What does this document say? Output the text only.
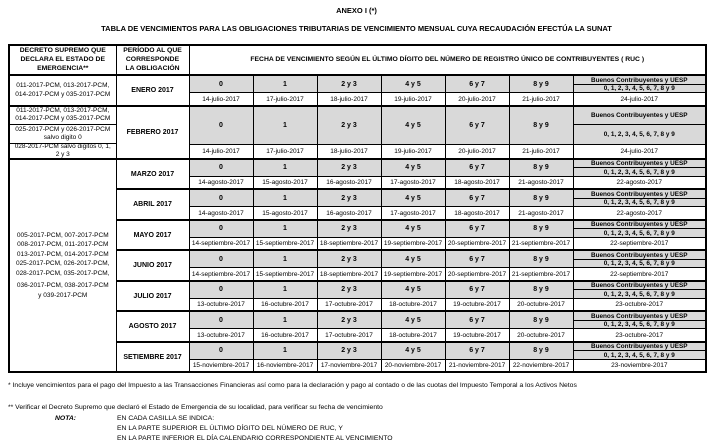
ANEXO I (*)
TABLA DE VENCIMIENTOS PARA LAS OBLIGACIONES TRIBUTARIAS DE VENCIMIENTO MENSUAL CUYA RECAUDACIÓN EFECTÚA LA SUNAT
DECRETO SUPREMO QUE DECLARA EL ESTADO DE EMERGENCIA**	PERÍODO AL QUE CORRESPONDE LA OBLIGACIÓN	FECHA DE VENCIMIENTO SEGÚN EL ÚLTIMO DÍGITO DEL NÚMERO DE REGISTRO ÚNICO DE CONTRIBUYENTES ( RUC )						
011-2017-PCM, 013-2017-PCM, 014-2017-PCM y 035-2017-PCM	ENERO 2017	0	1	2 y 3	4 y 5	6 y 7	8 y 9	Buenos Contribuyentes y UESP
0, 1, 2, 3, 4, 5, 6, 7, 8 y 9

		14-julio-2017	17-julio-2017	18-julio-2017	19-julio-2017	20-julio-2017	21-julio-2017	24-julio-2017

011-2017-PCM, 013-2017-PCM, 014-2017-PCM y 035-2017-PCM
025-2017-PCM y 026-2017-PCM salvo digito 0
028-2017-PCM salvo digitos 0, 1, 2 y 3
	FEBRERO 2017	0	1	2 y 3	4 y 5	6 y 7	8 y 9	
Buenos Contribuyentes y UESP
0, 1, 2, 3, 4, 5, 6, 7, 8 y 9

		14-julio-2017	17-julio-2017	18-julio-2017	19-julio-2017	20-julio-2017	21-julio-2017	24-julio-2017

005-2017-PCM, 007-2017-PCM
008-2017-PCM, 011-2017-PCM
013-2017-PCM, 014-2017-PCM
025-2017-PCM, 026-2017-PCM,
028-2017-PCM, 035-2017-PCM,
036-2017-PCM, 038-2017-PCM
y 039-2017-PCM
	MARZO 2017	0	1	2 y 3	4 y 5	6 y 7	8 y 9	
Buenos Contribuyentes y UESP
0, 1, 2, 3, 4, 5, 6, 7, 8 y 9

		14-agosto-2017	15-agosto-2017	16-agosto-2017	17-agosto-2017	18-agosto-2017	21-agosto-2017	22-agosto-2017
	ABRIL 2017	0	1	2 y 3	4 y 5	6 y 7	8 y 9	Buenos Contribuyentes y UESP
0, 1, 2, 3, 4, 5, 6, 7, 8 y 9

		14-agosto-2017	15-agosto-2017	16-agosto-2017	17-agosto-2017	18-agosto-2017	21-agosto-2017	22-agosto-2017
	MAYO 2017	0	1	2 y 3	4 y 5	6 y 7	8 y 9	Buenos Contribuyentes y UESP
0, 1, 2, 3, 4, 5, 6, 7, 8 y 9

		14-septiembre-2017	15-septiembre-2017	18-septiembre-2017	19-septiembre-2017	20-septiembre-2017	21-septiembre-2017	22-septiembre-2017
	JUNIO 2017	0	1	2 y 3	4 y 5	6 y 7	8 y 9	Buenos Contribuyentes y UESP
0, 1, 2, 3, 4, 5, 6, 7, 8 y 9

		14-septiembre-2017	15-septiembre-2017	18-septiembre-2017	19-septiembre-2017	20-septiembre-2017	21-septiembre-2017	22-septiembre-2017
	JULIO 2017	0	1	2 y 3	4 y 5	6 y 7	8 y 9	Buenos Contribuyentes y UESP
0, 1, 2, 3, 4, 5, 6, 7, 8 y 9

		13-octubre-2017	16-octubre-2017	17-octubre-2017	18-octubre-2017	19-octubre-2017	20-octubre-2017	23-octubre-2017
	AGOSTO 2017	0	1	2 y 3	4 y 5	6 y 7	8 y 9	Buenos Contribuyentes y UESP
0, 1, 2, 3, 4, 5, 6, 7, 8 y 9

		13-octubre-2017	16-octubre-2017	17-octubre-2017	18-octubre-2017	19-octubre-2017	20-octubre-2017	23-octubre-2017
	SETIEMBRE 2017	0	1	2 y 3	4 y 5	6 y 7	8 y 9	Buenos Contribuyentes y UESP
0, 1, 2, 3, 4, 5, 6, 7, 8 y 9

		15-noviembre-2017	16-noviembre-2017	17-noviembre-2017	20-noviembre-2017	21-noviembre-2017	22-noviembre-2017	23-noviembre-2017
* Incluye vencimientos para el pago del Impuesto a las Transacciones Financieras así como para la declaración y pago al contado o de las cuotas del Impuesto Temporal a los Activos Netos
** Verificar el Decreto Supremo que declaró el Estado de Emergencia de su localidad, para verificar su fecha de vencimiento
NOTA:	EN CADA CASILLA SE INDICA:
EN LA PARTE SUPERIOR EL ÚLTIMO DÍGITO DEL NÚMERO DE RUC, Y
EN LA PARTE INFERIOR EL DÍA CALENDARIO CORRESPONDIENTE AL VENCIMIENTO
